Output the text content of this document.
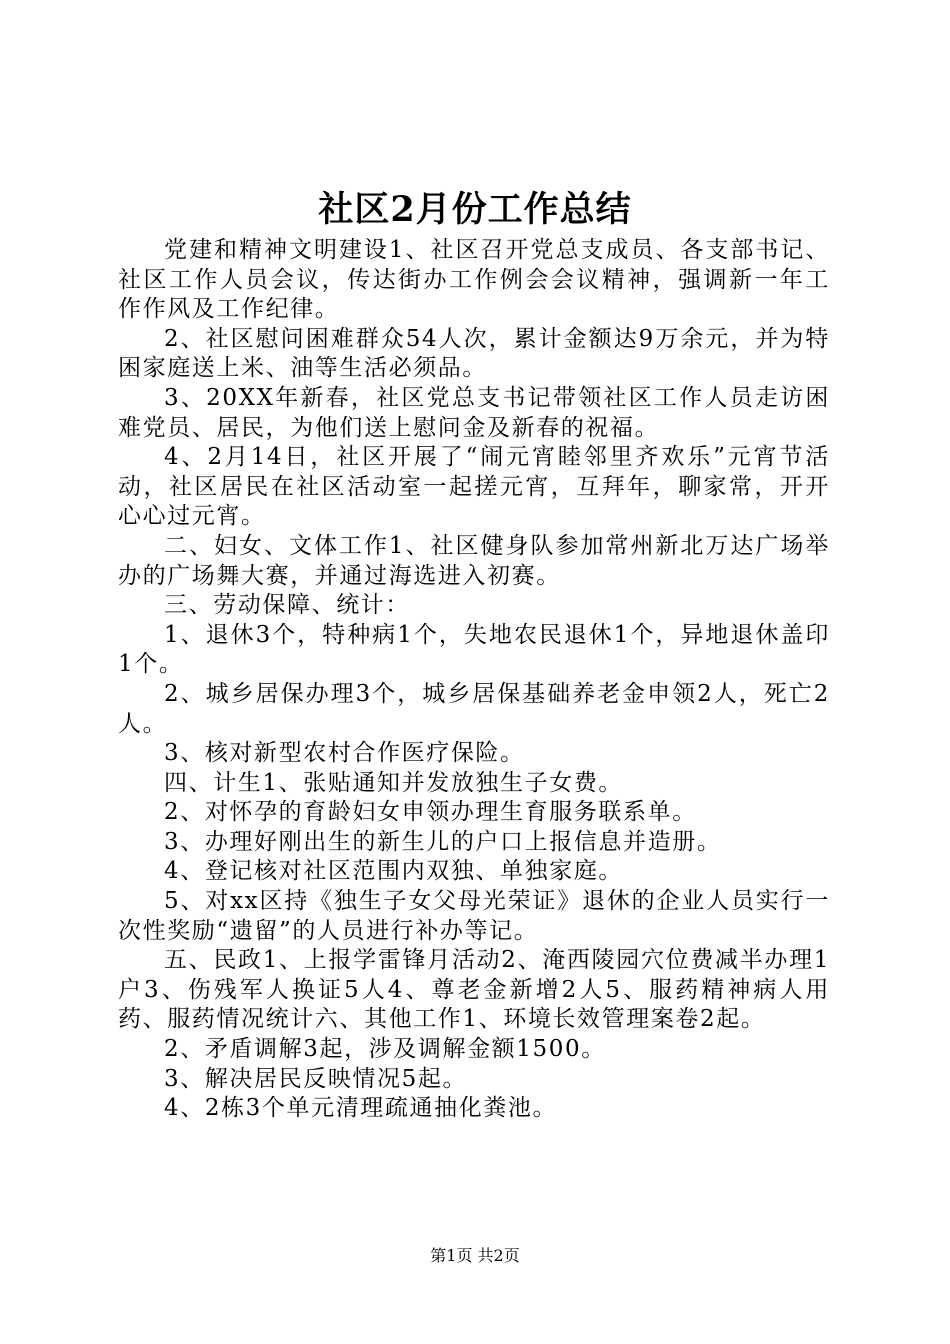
社区2月份工作总结

党建和精神文明建设1、社区召开党总支成员、各支部书记、社区工作人员会议，传达街办工作例会会议精神，强调新一年工作作风及工作纪律。

2、社区慰问困难群众54人次，累计金额达9万余元，并为特困家庭送上米、油等生活必须品。

3、20XX年新春，社区党总支书记带领社区工作人员走访困难党员、居民，为他们送上慰问金及新春的祝福。

4、2月14日，社区开展了“闹元宵睦邻里齐欢乐”元宵节活动，社区居民在社区活动室一起搓元宵，互拜年，聊家常，开开心心过元宵。

二、妇女、文体工作1、社区健身队参加常州新北万达广场举办的广场舞大赛，并通过海选进入初赛。

三、劳动保障、统计：

1、退休3个，特种病1个，失地农民退休1个，异地退休盖印1个。

2、城乡居保办理3个，城乡居保基础养老金申领2人，死亡2人。

3、核对新型农村合作医疗保险。

四、计生1、张贴通知并发放独生子女费。

2、对怀孕的育龄妇女申领办理生育服务联系单。

3、办理好刚出生的新生儿的户口上报信息并造册。

4、登记核对社区范围内双独、单独家庭。

5、对xx区持《独生子女父母光荣证》退休的企业人员实行一次性奖励“遗留”的人员进行补办等记。

五、民政1、上报学雷锋月活动2、淹西陵园穴位费减半办理1户3、伤残军人换证5人4、尊老金新增2人5、服药精神病人用药、服药情况统计六、其他工作1、环境长效管理案卷2起。

2、矛盾调解3起，涉及调解金额1500。

3、解决居民反映情况5起。

4、2栋3个单元清理疏通抽化粪池。

第1页 共2页
